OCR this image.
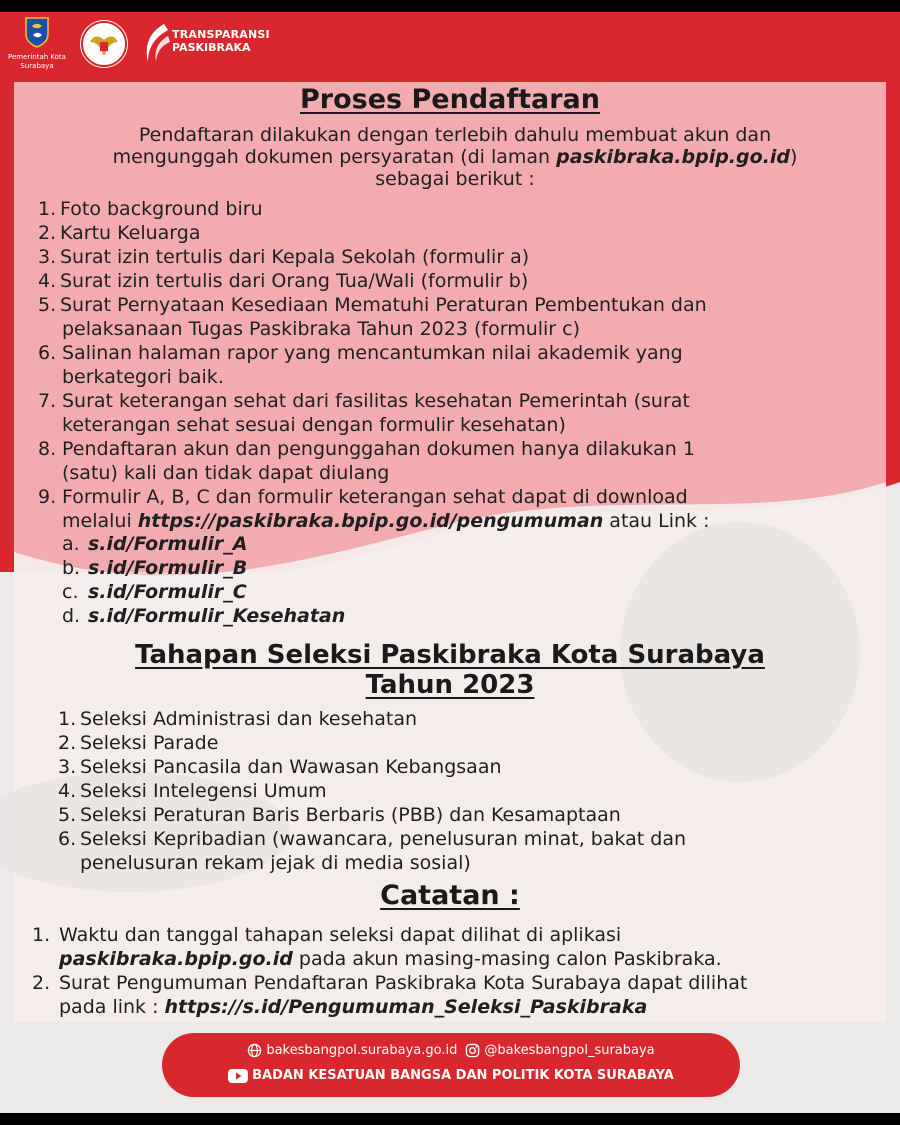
Pemerintah Kota
Surabaya
TRANSPARANSI
PASKIBRAKA
Proses Pendaftaran
Pendaftaran dilakukan dengan terlebih dahulu membuat akun dan
mengunggah dokumen persyaratan (di laman paskibraka.bpip.go.id)
sebagai berikut :
1. Foto background biru
2. Kartu Keluarga
3. Surat izin tertulis dari Kepala Sekolah (formulir a)
4. Surat izin tertulis dari Orang Tua/Wali (formulir b)
5. Surat Pernyataan Kesediaan Mematuhi Peraturan Pembentukan dan
pelaksanaan Tugas Paskibraka Tahun 2023 (formulir c)
6. Salinan halaman rapor yang mencantumkan nilai akademik yang
berkategori baik.
7. Surat keterangan sehat dari fasilitas kesehatan Pemerintah (surat
keterangan sehat sesuai dengan formulir kesehatan)
8. Pendaftaran akun dan pengunggahan dokumen hanya dilakukan 1
(satu) kali dan tidak dapat diulang
9. Formulir A, B, C dan formulir keterangan sehat dapat di download
melalui https://paskibraka.bpip.go.id/pengumuman atau Link :
a. s.id/Formulir_A
b. s.id/Formulir_B
c. s.id/Formulir_C
d. s.id/Formulir_Kesehatan
Tahapan Seleksi Paskibraka Kota Surabaya
Tahun 2023
1. Seleksi Administrasi dan kesehatan
2. Seleksi Parade
3. Seleksi Pancasila dan Wawasan Kebangsaan
4. Seleksi Intelegensi Umum
5. Seleksi Peraturan Baris Berbaris (PBB) dan Kesamaptaan
6. Seleksi Kepribadian (wawancara, penelusuran minat, bakat dan
penelusuran rekam jejak di media sosial)
Catatan :
1. Waktu dan tanggal tahapan seleksi dapat dilihat di aplikasi
paskibraka.bpip.go.id pada akun masing-masing calon Paskibraka.
2. Surat Pengumuman Pendaftaran Paskibraka Kota Surabaya dapat dilihat
pada link : https://s.id/Pengumuman_Seleksi_Paskibraka
bakesbangpol.surabaya.go.id @bakesbangpol_surabaya
BADAN KESATUAN BANGSA DAN POLITIK KOTA SURABAYA
